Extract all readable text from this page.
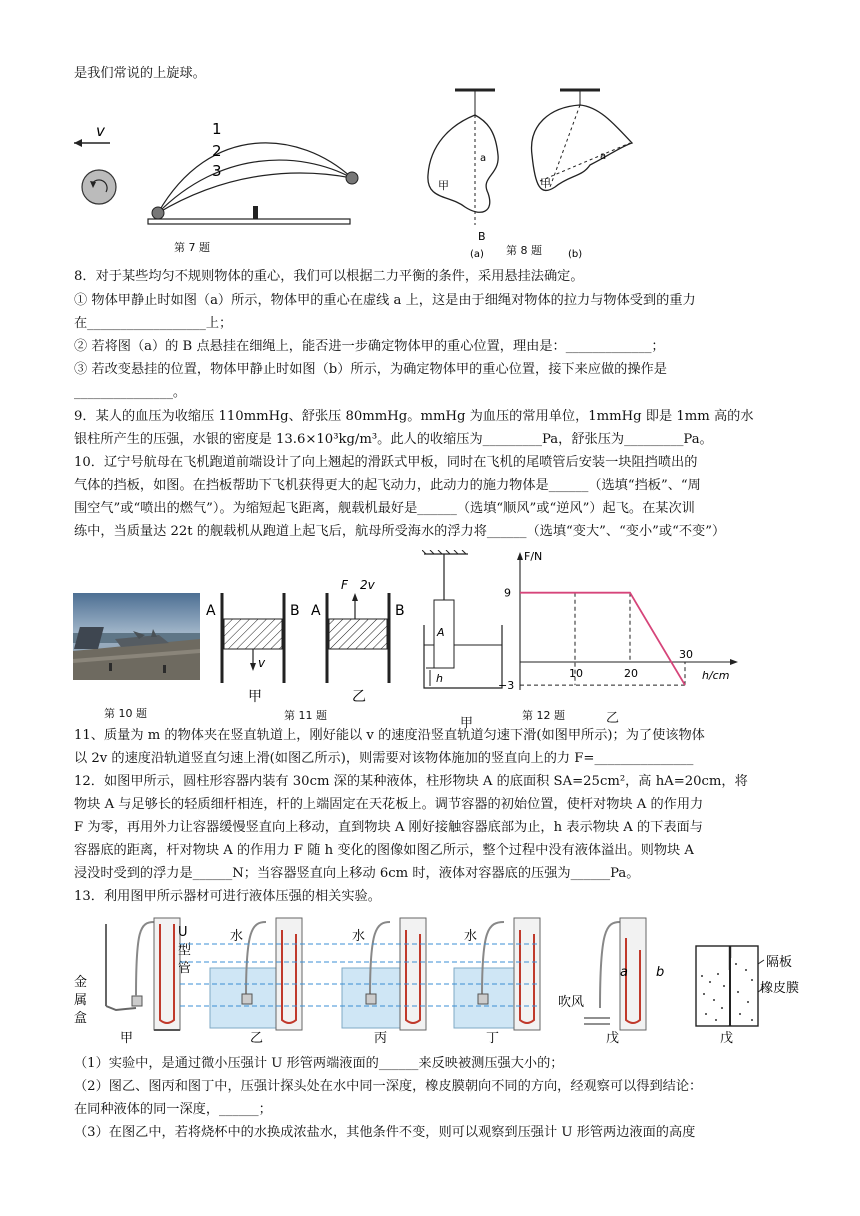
是我们常说的上旋球。

v	1
2
3
第 7 题
a
甲
B
(a)
a
甲
(b)
第 8 题

8．对于某些均匀不规则物体的重心，我们可以根据二力平衡的条件，采用悬挂法确定。

① 物体甲静止时如图（a）所示，物体甲的重心在虚线 a 上，这是由于细绳对物体的拉力与物体受到的重力

在__________________上；

② 若将图（a）的 B 点悬挂在细绳上，能否进一步确定物体甲的重心位置，理由是：_____________；

③ 若改变悬挂的位置，物体甲静止时如图（b）所示，为确定物体甲的重心位置，接下来应做的操作是

_______________。

9．某人的血压为收缩压 110mmHg、舒张压 80mmHg。mmHg 为血压的常用单位，1mmHg 即是 1mm 高的水

银柱所产生的压强，水银的密度是 13.6×10³kg/m³。此人的收缩压为_________Pa，舒张压为_________Pa。

10．辽宁号航母在飞机跑道前端设计了向上翘起的滑跃式甲板，同时在飞机的尾喷管后安装一块阻挡喷出的

气体的挡板，如图。在挡板帮助下飞机获得更大的起飞动力，此动力的施力物体是______（选填“挡板”、“周

围空气”或“喷出的燃气”）。为缩短起飞距离，舰载机最好是______（选填“顺风”或“逆风”）起飞。在某次训

练中，当质量达 22t 的舰载机从跑道上起飞后，航母所受海水的浮力将______（选填“变大”、“变小”或“不变”）

第 10 题
A	B
v
甲
A	B
F 2v
乙
第 11 题
A
h
甲
F/N
h/cm
9
−3
10	20
30
第 12 题	乙

11、质量为 m 的物体夹在竖直轨道上，刚好能以 v 的速度沿竖直轨道匀速下滑(如图甲所示)；为了使该物体

以 2v 的速度沿轨道竖直匀速上滑(如图乙所示)，则需要对该物体施加的竖直向上的力 F=_______________

12．如图甲所示，圆柱形容器内装有 30cm 深的某种液体，柱形物块 A 的底面积 SA=25cm²，高 hA=20cm，将

物块 A 与足够长的轻质细杆相连，杆的上端固定在天花板上。调节容器的初始位置，使杆对物块 A 的作用力

F 为零，再用外力让容器缓慢竖直向上移动，直到物块 A 刚好接触容器底部为止，h 表示物块 A 的下表面与

容器底的距离，杆对物块 A 的作用力 F 随 h 变化的图像如图乙所示，整个过程中没有液体溢出。则物块 A

浸没时受到的浮力是______N；当容器竖直向上移动 6cm 时，液体对容器底的压强为______Pa。

13．利用图甲所示器材可进行液体压强的相关实验。

U
型
管
金
属
盒
甲
水
乙
水
丙
水
丁
a b
吹风
戊
隔板
橡皮膜
戊

（1）实验中，是通过微小压强计 U 形管两端液面的______来反映被测压强大小的；

（2）图乙、图丙和图丁中，压强计探头处在水中同一深度，橡皮膜朝向不同的方向，经观察可以得到结论：

在同种液体的同一深度，______；

（3）在图乙中，若将烧杯中的水换成浓盐水，其他条件不变，则可以观察到压强计 U 形管两边液面的高度
